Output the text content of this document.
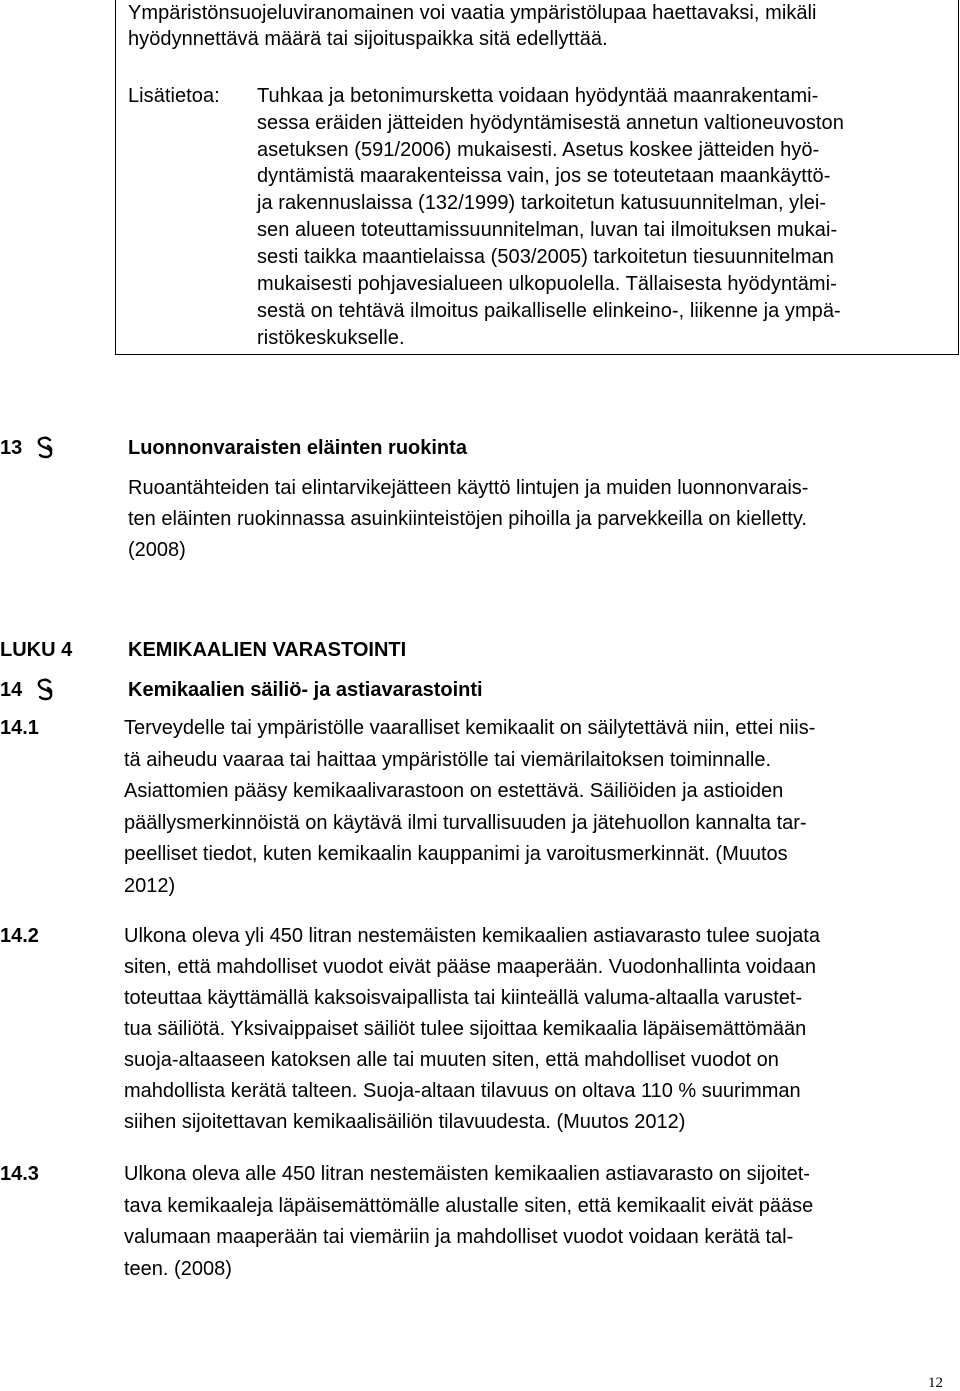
Ympäristönsuojeluviranomainen voi vaatia ympäristölupaa haettavaksi, mikäli
hyödynnettävä määrä tai sijoituspaikka sitä edellyttää.
Lisätietoa: Tuhkaa ja betonimursketta voidaan hyödyntää maanrakentami-
sessa eräiden jätteiden hyödyntämisestä annetun valtioneuvoston
asetuksen (591/2006) mukaisesti. Asetus koskee jätteiden hyö-
dyntämistä maarakenteissa vain, jos se toteutetaan maankäyttö-
ja rakennuslaissa (132/1999) tarkoitetun katusuunnitelman, ylei-
sen alueen toteuttamissuunnitelman, luvan tai ilmoituksen mukai-
sesti taikka maantielaissa (503/2005) tarkoitetun tiesuunnitelman
mukaisesti pohjavesialueen ulkopuolella. Tällaisesta hyödyntämi-
sestä on tehtävä ilmoitus paikalliselle elinkeino-, liikenne ja ympä-
ristökeskukselle.
13	Luonnonvaraisten eläinten ruokinta
Ruoantähteiden tai elintarvikejätteen käyttö lintujen ja muiden luonnonvarais-
ten eläinten ruokinnassa asuinkiinteistöjen pihoilla ja parvekkeilla on kielletty.
(2008)
LUKU 4	KEMIKAALIEN VARASTOINTI
14	Kemikaalien säiliö- ja astiavarastointi
14.1	Terveydelle tai ympäristölle vaaralliset kemikaalit on säilytettävä niin, ettei niis-
tä aiheudu vaaraa tai haittaa ympäristölle tai viemärilaitoksen toiminnalle.
Asiattomien pääsy kemikaalivarastoon on estettävä. Säiliöiden ja astioiden
päällysmerkinnöistä on käytävä ilmi turvallisuuden ja jätehuollon kannalta tar-
peelliset tiedot, kuten kemikaalin kauppanimi ja varoitusmerkinnät. (Muutos
2012)
14.2	Ulkona oleva yli 450 litran nestemäisten kemikaalien astiavarasto tulee suojata
siten, että mahdolliset vuodot eivät pääse maaperään. Vuodonhallinta voidaan
toteuttaa käyttämällä kaksoisvaipallista tai kiinteällä valuma-altaalla varustet-
tua säiliötä. Yksivaippaiset säiliöt tulee sijoittaa kemikaalia läpäisemättömään
suoja-altaaseen katoksen alle tai muuten siten, että mahdolliset vuodot on
mahdollista kerätä talteen. Suoja-altaan tilavuus on oltava 110 % suurimman
siihen sijoitettavan kemikaalisäiliön tilavuudesta. (Muutos 2012)
14.3	Ulkona oleva alle 450 litran nestemäisten kemikaalien astiavarasto on sijoitet-
tava kemikaaleja läpäisemättömälle alustalle siten, että kemikaalit eivät pääse
valumaan maaperään tai viemäriin ja mahdolliset vuodot voidaan kerätä tal-
teen. (2008)
12
